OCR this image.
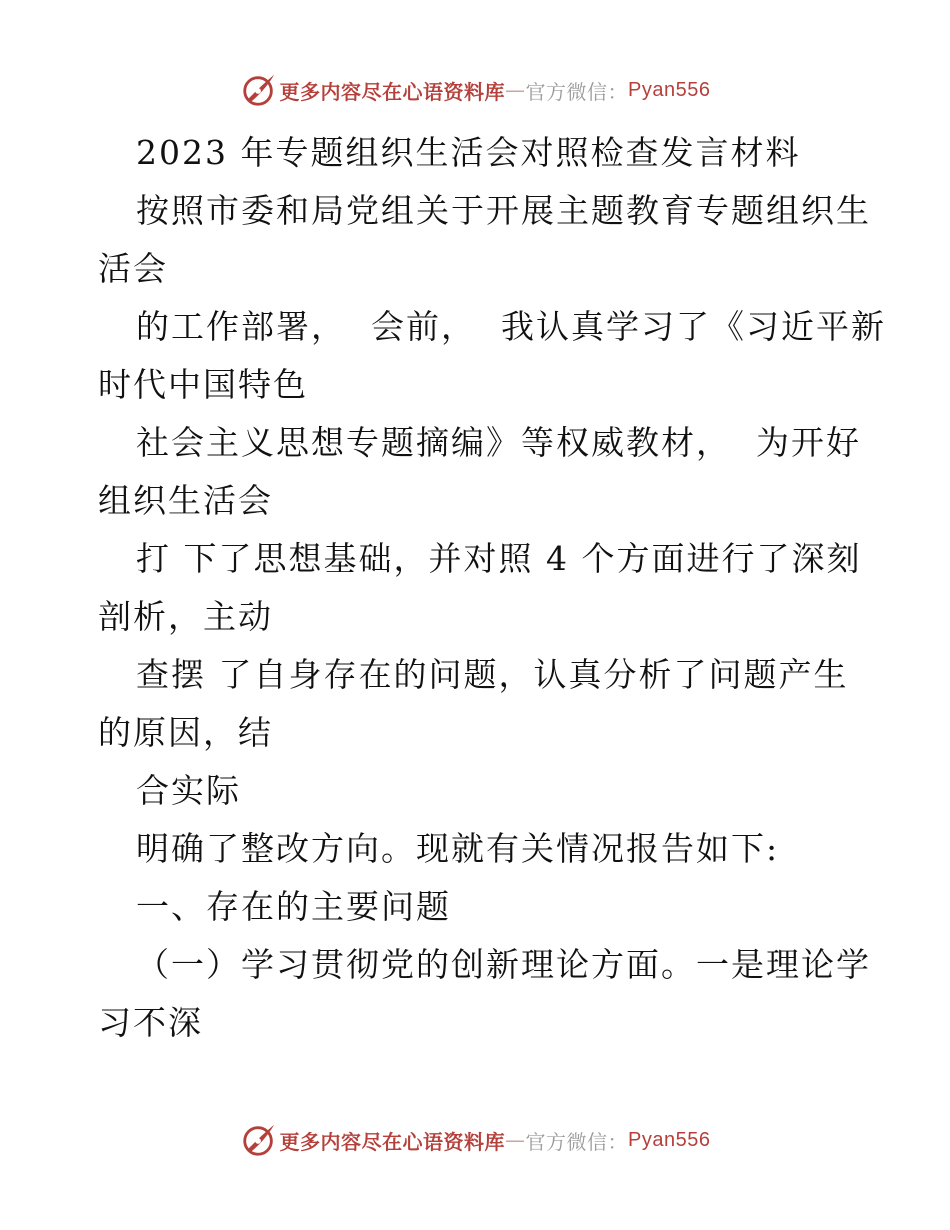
更多内容尽在心语资料库 — 官方微信： Pyan556
2023 年专题组织生活会对照检查发言材料
按照市委和局党组关于开展主题教育专题组织生
活会
的工作部署，  会前，  我认真学习了《习近平新
时代中国特色
社会主义思想专题摘编》等权威教材，  为开好
组织生活会
打 下了思想基础，并对照 4 个方面进行了深刻
剖析，主动
查摆 了自身存在的问题，认真分析了问题产生
的原因，结
合实际
明确了整改方向。现就有关情况报告如下:
一、存在的主要问题
（一）学习贯彻党的创新理论方面。一是理论学
习不深
更多内容尽在心语资料库 — 官方微信： Pyan556
